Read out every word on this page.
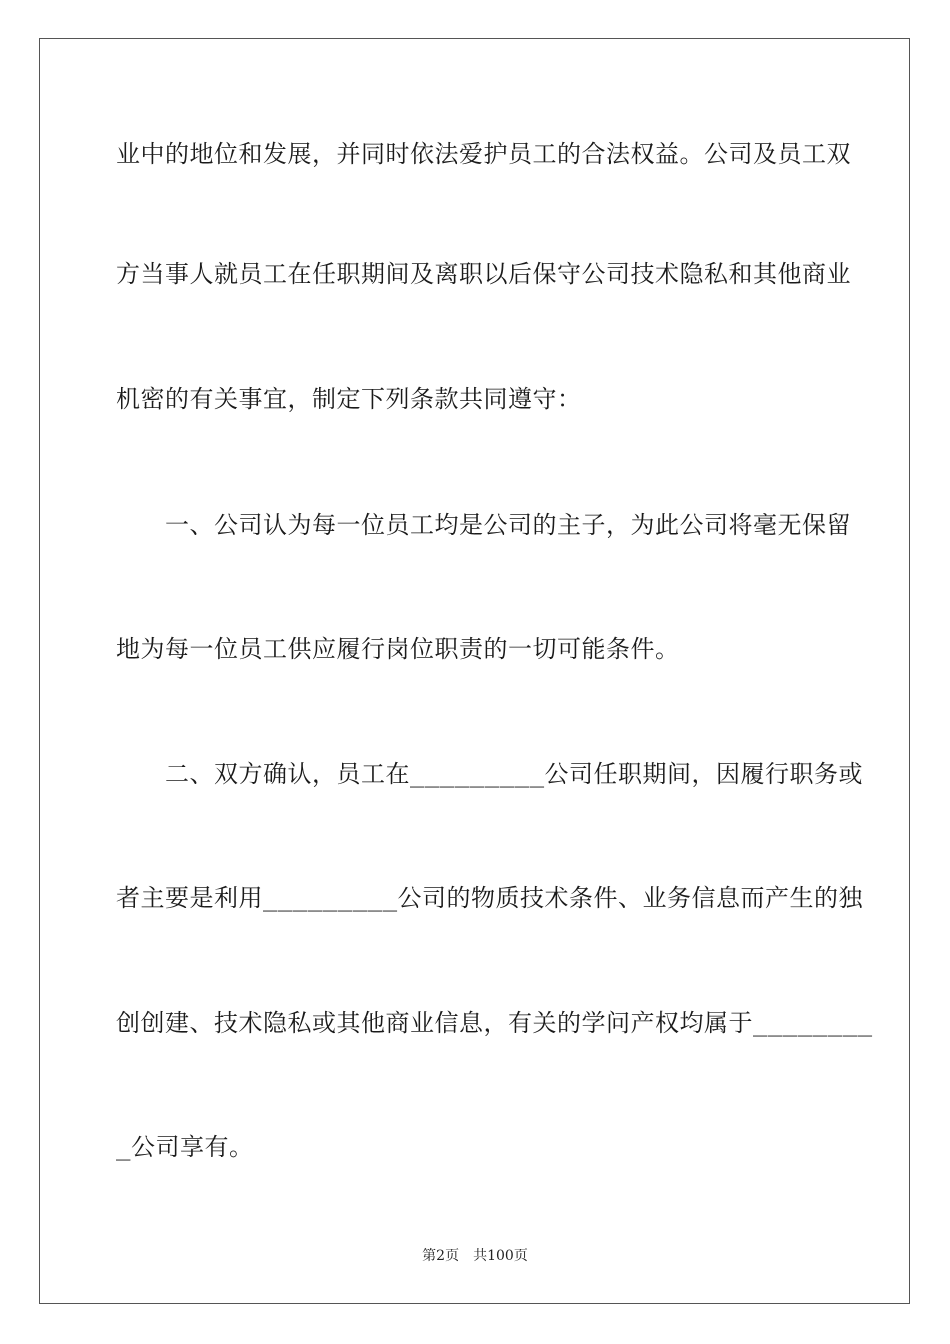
业中的地位和发展，并同时依法爱护员工的合法权益。公司及员工双
方当事人就员工在任职期间及离职以后保守公司技术隐私和其他商业
机密的有关事宜，制定下列条款共同遵守：
　　一、公司认为每一位员工均是公司的主子，为此公司将毫无保留
地为每一位员工供应履行岗位职责的一切可能条件。
　　二、双方确认，员工在_________公司任职期间，因履行职务或
者主要是利用_________公司的物质技术条件、业务信息而产生的独
创创建、技术隐私或其他商业信息，有关的学问产权均属于________
_公司享有。
第2页 共100页
